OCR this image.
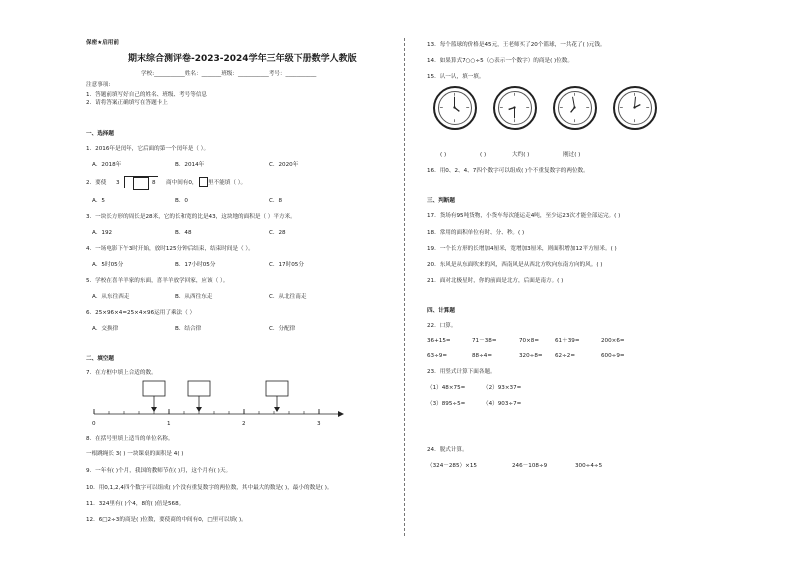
保密★启用前
期末综合测评卷-2023-2024学年三年级下册数学人教版
学校:___________姓名：_______班级：___________考号：___________
注意事项:
1．答题前填写好自己的姓名、班级、考号等信息
2．请将答案正确填写在答题卡上
一、选择题
1．2016年是闰年，它后面的第一个闰年是（ ）。
A．2018年	B．2014年	C．2020年
2．要使 3	8 商中间有0， 里不能填（ ）。
A．5	B．0	C．8
3．一块长方形的周长是28米，它的长和宽的比是43，这块地的面积是（ ）平方米。
A．192	B．48	C．28
4．一场电影下午3时开始，放时125分钟后结束，结束时间是（ ）。
A．5时05分	B．17小时05分	C．17时05分
5．学校在喜羊羊家的东面，喜羊羊放学回家，应该（ ）。
A．从东往西走	B．从西往东走	C．从北往南走
6．25×96×4=25×4×96运用了乘法（ ）
A．交换律	B．结合律	C．分配律
二、填空题
7．在方框中填上合适的数。
0	1	2	3
8．在括号里填上适当的单位名称。
一根跳绳长 3( ) 一块课桌的面积是 4( )
9．一年有( )个月，我国的教师节在( )月，这个月有( )天。
10．用0,1,2,4四个数字可以组成( )个没有重复数字的两位数，其中最大的数是( )，最小的数是( )。
11．324里有( )个4，8的( )倍是568。
12．6□2÷3的商是( )位数，要使商的中间有0，□里可以填( )。
13．每个篮球的价格是45元，王老师买了20个篮球，一共花了( )元钱。
14．如果算式7○○÷5（○表示一个数字）的商是( )位数。
15．认一认，填一填。
( )	( )	大约( )	刚过( )
16．用0、2、4、7四个数字可以组成( )个不重复数字的两位数。
三、判断题
17．货场有95吨货物，小货车每次能运走4吨，至少运23次才能全部运完。( )
18．常用的面积单位有时、分、秒。( )
19．一个长方形的长增加4厘米，宽增加3厘米，则面积增加12平方厘米。( )
20．东风是从东面吹来的风，西南风是从西北方吹向东南方向的风。( )
21．面对北极星时，你的前面是北方，后面是南方。( )
四、计算题
22．口算。
36+15=	71－38=	70×8=	61＋39=	200×6=
63÷9=	88÷4=	320÷8= 62÷2=	600÷9=
23．用竖式计算下面各题。
（1）48×75=	（2）93×37=
（3）895÷5=	（4）903÷7=
24．脱式计算。
（324－285）×15	246－108÷9	300÷4÷5
